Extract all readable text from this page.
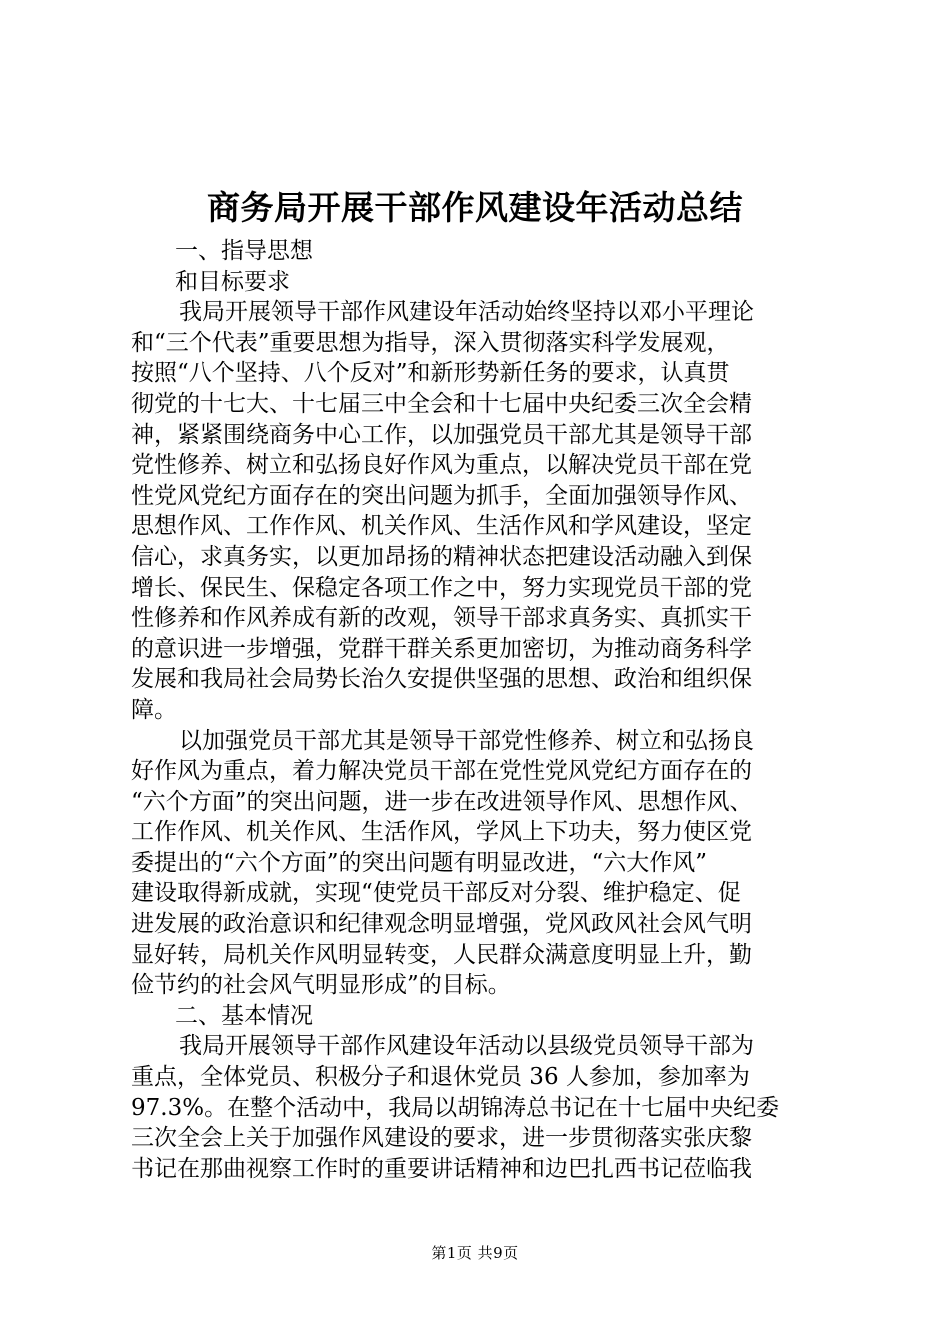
商务局开展干部作风建设年活动总结
一、指导思想
和目标要求
我局开展领导干部作风建设年活动始终坚持以邓小平理论
和“三个代表”重要思想为指导，深入贯彻落实科学发展观，
按照“八个坚持、八个反对”和新形势新任务的要求，认真贯
彻党的十七大、十七届三中全会和十七届中央纪委三次全会精
神，紧紧围绕商务中心工作，以加强党员干部尤其是领导干部
党性修养、树立和弘扬良好作风为重点，以解决党员干部在党
性党风党纪方面存在的突出问题为抓手，全面加强领导作风、
思想作风、工作作风、机关作风、生活作风和学风建设，坚定
信心，求真务实，以更加昂扬的精神状态把建设活动融入到保
增长、保民生、保稳定各项工作之中，努力实现党员干部的党
性修养和作风养成有新的改观，领导干部求真务实、真抓实干
的意识进一步增强，党群干群关系更加密切，为推动商务科学
发展和我局社会局势长治久安提供坚强的思想、政治和组织保
障。
以加强党员干部尤其是领导干部党性修养、树立和弘扬良
好作风为重点，着力解决党员干部在党性党风党纪方面存在的
“六个方面”的突出问题，进一步在改进领导作风、思想作风、
工作作风、机关作风、生活作风，学风上下功夫，努力使区党
委提出的“六个方面”的突出问题有明显改进，“六大作风”
建设取得新成就，实现“使党员干部反对分裂、维护稳定、促
进发展的政治意识和纪律观念明显增强，党风政风社会风气明
显好转，局机关作风明显转变，人民群众满意度明显上升，勤
俭节约的社会风气明显形成”的目标。
二、基本情况
我局开展领导干部作风建设年活动以县级党员领导干部为
重点，全体党员、积极分子和退休党员 36 人参加，参加率为
97.3%。在整个活动中，我局以胡锦涛总书记在十七届中央纪委
三次全会上关于加强作风建设的要求，进一步贯彻落实张庆黎
书记在那曲视察工作时的重要讲话精神和边巴扎西书记莅临我
第1页 共9页
